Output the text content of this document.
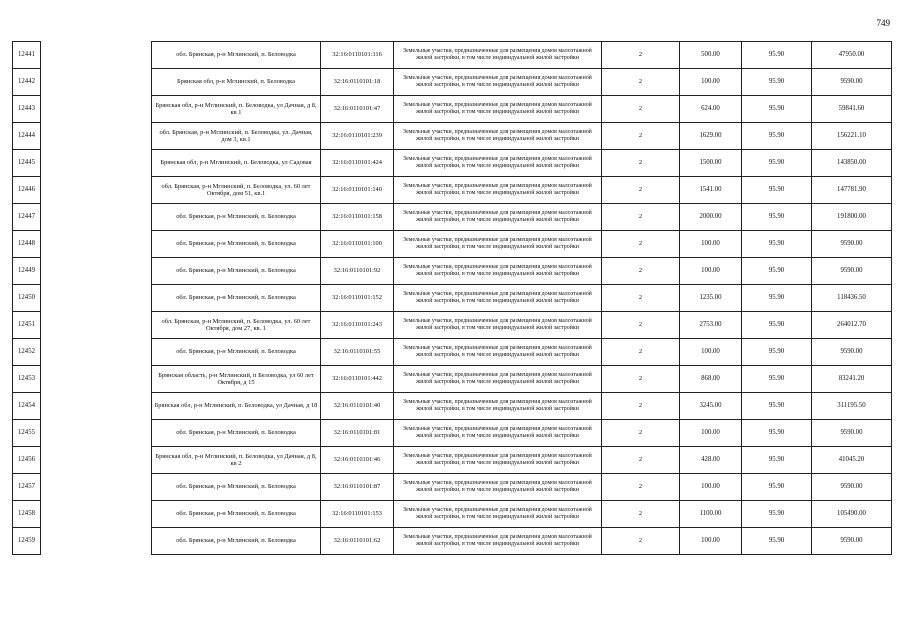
749
12441		обл. Брянская, р-н Мглинский, п. Беловодка	32:16:0110101:116	Земельные участки, предназначенные для размещения домов малоэтажной жилой застройки, в том числе индивидуальной жилой застройки	2	500.00	95.90	47950.00
12442		Брянская обл, р-н Мглинский, п. Беловодка	32:16:0110101:18	Земельные участки, предназначенные для размещения домов малоэтажной жилой застройки, в том числе индивидуальной жилой застройки	2	100.00	95.90	9590.00
12443		Брянская обл, р-н Мглинский, п. Беловодка, ул Дачная, д 8, кв 1	32:16:0110101:47	Земельные участки, предназначенные для размещения домов малоэтажной жилой застройки, в том числе индивидуальной жилой застройки	2	624.00	95.90	59841.60
12444		обл. Брянская, р-н Мглинский, п. Беловодка, ул. Дачная, дом 3, кв.1	32:16:0110101:239	Земельные участки, предназначенные для размещения домов малоэтажной жилой застройки, в том числе индивидуальной жилой застройки	2	1629.00	95.90	156221.10
12445		Брянская обл, р-н Мглинский, п. Беловодка, ул Садовая	32:16:0110101:424	Земельные участки, предназначенные для размещения домов малоэтажной жилой застройки, в том числе индивидуальной жилой застройки	2	1500.00	95.90	143850.00
12446		обл. Брянская, р-н Мглинский, п. Беловодка, ул. 60 лет Октября, дом 51, кв.1	32:16:0110101:140	Земельные участки, предназначенные для размещения домов малоэтажной жилой застройки, в том числе индивидуальной жилой застройки	2	1541.00	95.90	147781.90
12447		обл. Брянская, р-н Мглинский, п. Беловодка	32:16:0110101:158	Земельные участки, предназначенные для размещения домов малоэтажной жилой застройки, в том числе индивидуальной жилой застройки	2	2000.00	95.90	191800.00
12448		обл. Брянская, р-н Мглинский, п. Беловодка	32:16:0110101:100	Земельные участки, предназначенные для размещения домов малоэтажной жилой застройки, в том числе индивидуальной жилой застройки	2	100.00	95.90	9590.00
12449		обл. Брянская, р-н Мглинский, п. Беловодка	32:16:0110101:92	Земельные участки, предназначенные для размещения домов малоэтажной жилой застройки, в том числе индивидуальной жилой застройки	2	100.00	95.90	9590.00
12450		обл. Брянская, р-н Мглинский, п. Беловодка	32:16:0110101:152	Земельные участки, предназначенные для размещения домов малоэтажной жилой застройки, в том числе индивидуальной жилой застройки	2	1235.00	95.90	118436.50
12451		обл. Брянская, р-н Мглинский, п. Беловодка, ул. 60 лет Октября, дом 27, кв. 1	32:16:0110101:243	Земельные участки, предназначенные для размещения домов малоэтажной жилой застройки, в том числе индивидуальной жилой застройки	2	2753.00	95.90	264012.70
12452		обл. Брянская, р-н Мглинский, п. Беловодка	32:16:0110101:55	Земельные участки, предназначенные для размещения домов малоэтажной жилой застройки, в том числе индивидуальной жилой застройки	2	100.00	95.90	9590.00
12453		Брянская область, р-н Мглинский, п Беловодка, ул 60 лет Октября, д 15	32:16:0110101:442	Земельные участки, предназначенные для размещения домов малоэтажной жилой застройки, в том числе индивидуальной жилой застройки	2	868.00	95.90	83241.20
12454		Брянская обл, р-н Мглинский, п. Беловодка, ул Дачная, д 18	32:16:0110101:40	Земельные участки, предназначенные для размещения домов малоэтажной жилой застройки, в том числе индивидуальной жилой застройки	2	3245.00	95.90	311195.50
12455		обл. Брянская, р-н Мглинский, п. Беловодка	32:16:0110101:81	Земельные участки, предназначенные для размещения домов малоэтажной жилой застройки, в том числе индивидуальной жилой застройки	2	100.00	95.90	9590.00
12456		Брянская обл, р-н Мглинский, п. Беловодка, ул Дачная, д 8, кв 2	32:16:0110101:46	Земельные участки, предназначенные для размещения домов малоэтажной жилой застройки, в том числе индивидуальной жилой застройки	2	428.00	95.90	41045.20
12457		обл. Брянская, р-н Мглинский, п. Беловодка	32:16:0110101:87	Земельные участки, предназначенные для размещения домов малоэтажной жилой застройки, в том числе индивидуальной жилой застройки	2	100.00	95.90	9590.00
12458		обл. Брянская, р-н Мглинский, п. Беловодка	32:16:0110101:153	Земельные участки, предназначенные для размещения домов малоэтажной жилой застройки, в том числе индивидуальной жилой застройки	2	1100.00	95.90	105490.00
12459		обл. Брянская, р-н Мглинский, п. Беловодка	32:16:0110101:62	Земельные участки, предназначенные для размещения домов малоэтажной жилой застройки, в том числе индивидуальной жилой застройки	2	100.00	95.90	9590.00
